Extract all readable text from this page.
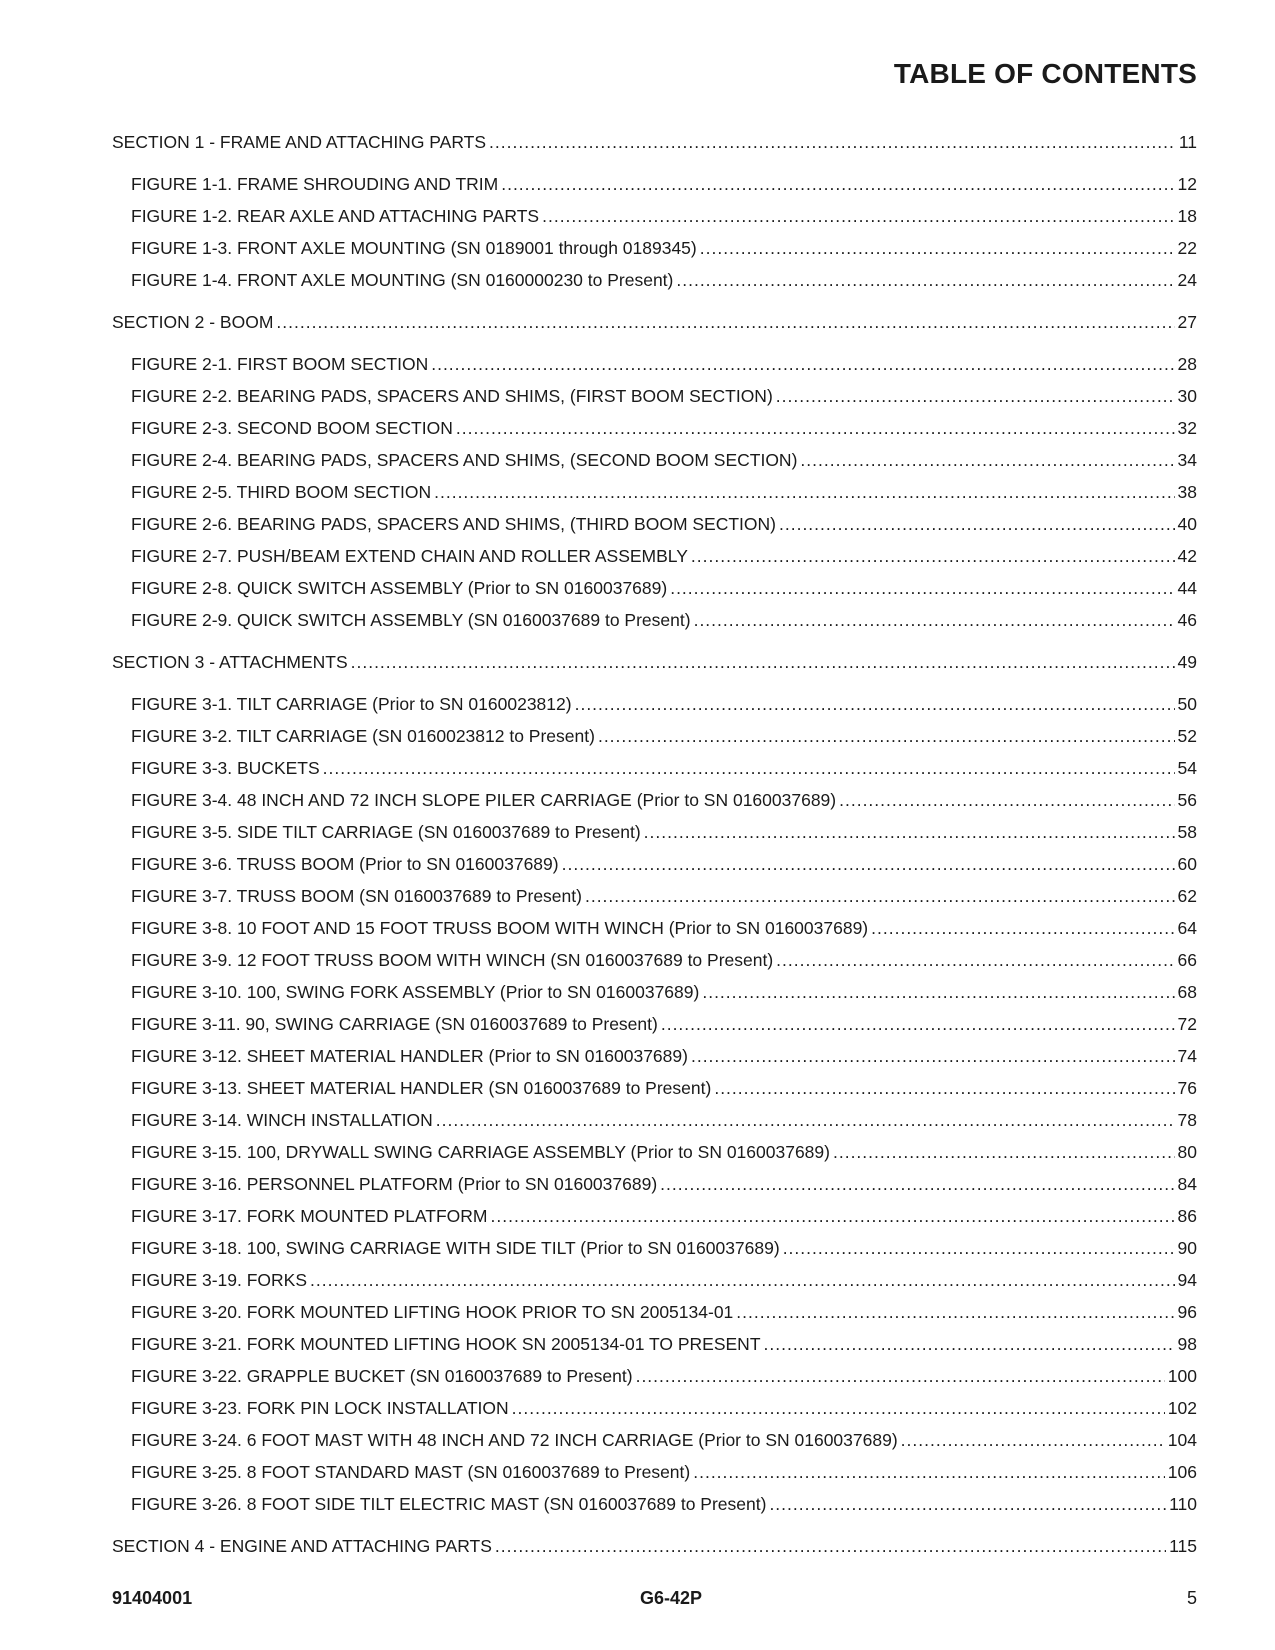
TABLE OF CONTENTS
SECTION 1 - FRAME AND ATTACHING PARTS .....	11
FIGURE 1-1. FRAME SHROUDING AND TRIM .....	12
FIGURE 1-2. REAR AXLE AND ATTACHING PARTS .....	18
FIGURE 1-3. FRONT AXLE MOUNTING (SN 0189001 through 0189345) .....	22
FIGURE 1-4. FRONT AXLE MOUNTING (SN 0160000230 to Present) .....	24
SECTION 2 - BOOM .....	27
FIGURE 2-1. FIRST BOOM SECTION .....	28
FIGURE 2-2. BEARING PADS, SPACERS AND SHIMS, (FIRST BOOM SECTION) .....	30
FIGURE 2-3. SECOND BOOM SECTION .....	32
FIGURE 2-4. BEARING PADS, SPACERS AND SHIMS, (SECOND BOOM SECTION) .....	34
FIGURE 2-5. THIRD BOOM SECTION .....	38
FIGURE 2-6. BEARING PADS, SPACERS AND SHIMS, (THIRD BOOM SECTION) .....	40
FIGURE 2-7. PUSH/BEAM EXTEND CHAIN AND ROLLER ASSEMBLY .....	42
FIGURE 2-8. QUICK SWITCH ASSEMBLY (Prior to SN 0160037689) .....	44
FIGURE 2-9. QUICK SWITCH ASSEMBLY (SN 0160037689 to Present) .....	46
SECTION 3 - ATTACHMENTS .....	49
FIGURE 3-1. TILT CARRIAGE (Prior to SN 0160023812) .....	50
FIGURE 3-2. TILT CARRIAGE (SN 0160023812 to Present) .....	52
FIGURE 3-3. BUCKETS .....	54
FIGURE 3-4. 48 INCH AND 72 INCH SLOPE PILER CARRIAGE (Prior to SN 0160037689) .....	56
FIGURE 3-5. SIDE TILT CARRIAGE (SN 0160037689 to Present) .....	58
FIGURE 3-6. TRUSS BOOM (Prior to SN 0160037689) .....	60
FIGURE 3-7. TRUSS BOOM (SN 0160037689 to Present) .....	62
FIGURE 3-8. 10 FOOT AND 15 FOOT TRUSS BOOM WITH WINCH (Prior to SN 0160037689) .....	64
FIGURE 3-9. 12 FOOT TRUSS BOOM WITH WINCH (SN 0160037689 to Present) .....	66
FIGURE 3-10. 100, SWING FORK ASSEMBLY (Prior to SN 0160037689) .....	68
FIGURE 3-11. 90, SWING CARRIAGE (SN 0160037689 to Present) .....	72
FIGURE 3-12. SHEET MATERIAL HANDLER (Prior to SN 0160037689) .....	74
FIGURE 3-13. SHEET MATERIAL HANDLER (SN 0160037689 to Present) .....	76
FIGURE 3-14. WINCH INSTALLATION .....	78
FIGURE 3-15. 100, DRYWALL SWING CARRIAGE ASSEMBLY (Prior to SN 0160037689) .....	80
FIGURE 3-16. PERSONNEL PLATFORM (Prior to SN 0160037689) .....	84
FIGURE 3-17. FORK MOUNTED PLATFORM .....	86
FIGURE 3-18. 100, SWING CARRIAGE WITH SIDE TILT (Prior to SN 0160037689) .....	90
FIGURE 3-19. FORKS .....	94
FIGURE 3-20. FORK MOUNTED LIFTING HOOK PRIOR TO SN 2005134-01 .....	96
FIGURE 3-21. FORK MOUNTED LIFTING HOOK SN 2005134-01 TO PRESENT .....	98
FIGURE 3-22. GRAPPLE BUCKET (SN 0160037689 to Present) .....	100
FIGURE 3-23. FORK PIN LOCK INSTALLATION .....	102
FIGURE 3-24. 6 FOOT MAST WITH 48 INCH AND 72 INCH CARRIAGE (Prior to SN 0160037689) .....	104
FIGURE 3-25. 8 FOOT STANDARD MAST (SN 0160037689 to Present) .....	106
FIGURE 3-26. 8 FOOT SIDE TILT ELECTRIC MAST (SN 0160037689 to Present) .....	110
SECTION 4 - ENGINE AND ATTACHING PARTS .....	115
91404001	G6-42P	5
